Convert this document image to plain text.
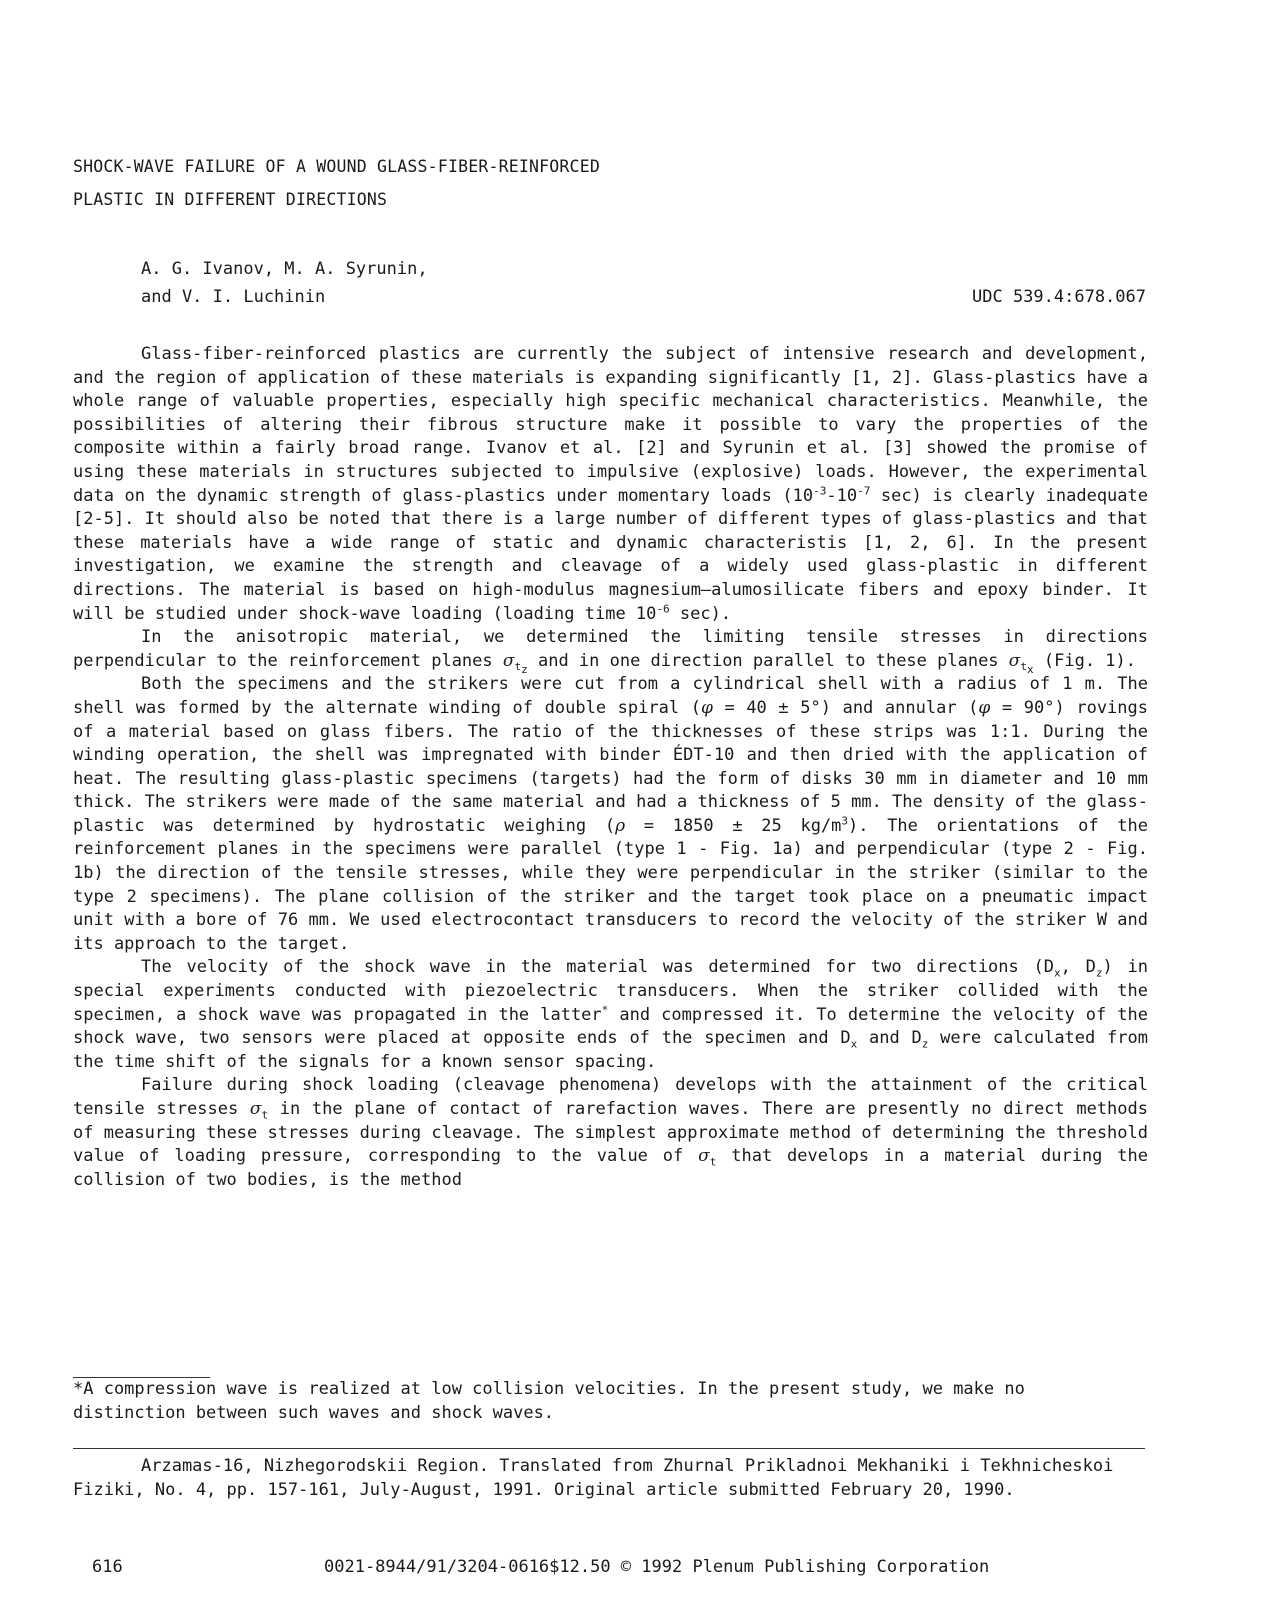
SHOCK-WAVE FAILURE OF A WOUND GLASS-FIBER-REINFORCED
PLASTIC IN DIFFERENT DIRECTIONS
A. G. Ivanov, M. A. Syrunin,
and V. I. Luchinin	UDC 539.4:678.067

Glass-fiber-reinforced plastics are currently the subject of intensive research and development, and the region of application of these materials is expanding significantly [1, 2]. Glass-plastics have a whole range of valuable properties, especially high specific mechanical characteristics. Meanwhile, the possibilities of altering their fibrous structure make it possible to vary the properties of the composite within a fairly broad range. Ivanov et al. [2] and Syrunin et al. [3] showed the promise of using these materials in structures subjected to impulsive (explosive) loads. However, the experimental data on the dynamic strength of glass-plastics under momentary loads ($10^{-3}-10^{-7}$ sec) is clearly inadequate [2-5]. It should also be noted that there is a large number of different types of glass-plastics and that these materials have a wide range of static and dynamic characteristis [1, 2, 6]. In the present investigation, we examine the strength and cleavage of a widely used glass-plastic in different directions. The material is based on high-modulus magnesium—alumosilicate fibers and epoxy binder. It will be studied under shock-wave loading (loading time $10^{-6}$ sec).

In the anisotropic material, we determined the limiting tensile stresses in directions perpendicular to the reinforcement planes $\sigma_{t_z}$ and in one direction parallel to these planes $\sigma_{t_x}$ (Fig. 1).

Both the specimens and the strikers were cut from a cylindrical shell with a radius of 1 m. The shell was formed by the alternate winding of double spiral (φ = 40 ± 5°) and annular (φ = 90°) rovings of a material based on glass fibers. The ratio of the thicknesses of these strips was 1:1. During the winding operation, the shell was impregnated with binder ÉDT-10 and then dried with the application of heat. The resulting glass-plastic specimens (targets) had the form of disks 30 mm in diameter and 10 mm thick. The strikers were made of the same material and had a thickness of 5 mm. The density of the glass-plastic was determined by hydrostatic weighing (ρ = 1850 ± 25 $kg/m^3$). The orientations of the reinforcement planes in the specimens were parallel (type 1 - Fig. 1a) and perpendicular (type 2 - Fig. 1b) the direction of the tensile stresses, while they were perpendicular in the striker (similar to the type 2 specimens). The plane collision of the striker and the target took place on a pneumatic impact unit with a bore of 76 mm. We used electrocontact transducers to record the velocity of the striker W and its approach to the target.

The velocity of the shock wave in the material was determined for two directions ($D_x$, $D_z$) in special experiments conducted with piezoelectric transducers. When the striker collided with the specimen, a shock wave was propagated in the latter* and compressed it. To determine the velocity of the shock wave, two sensors were placed at opposite ends of the specimen and $D_x$ and $D_z$ were calculated from the time shift of the signals for a known sensor spacing.

Failure during shock loading (cleavage phenomena) develops with the attainment of the critical tensile stresses $\sigma_t$ in the plane of contact of rarefaction waves. There are presently no direct methods of measuring these stresses during cleavage. The simplest approximate method of determining the threshold value of loading pressure, corresponding to the value of $\sigma_t$ that develops in a material during the collision of two bodies, is the method

*A compression wave is realized at low collision velocities. In the present study, we make no distinction between such waves and shock waves.

Arzamas-16, Nizhegorodskii Region. Translated from Zhurnal Prikladnoi Mekhaniki i Tekhnicheskoi Fiziki, No. 4, pp. 157-161, July-August, 1991. Original article submitted February 20, 1990.

616	0021-8944/91/3204-0616$12.50 © 1992 Plenum Publishing Corporation
